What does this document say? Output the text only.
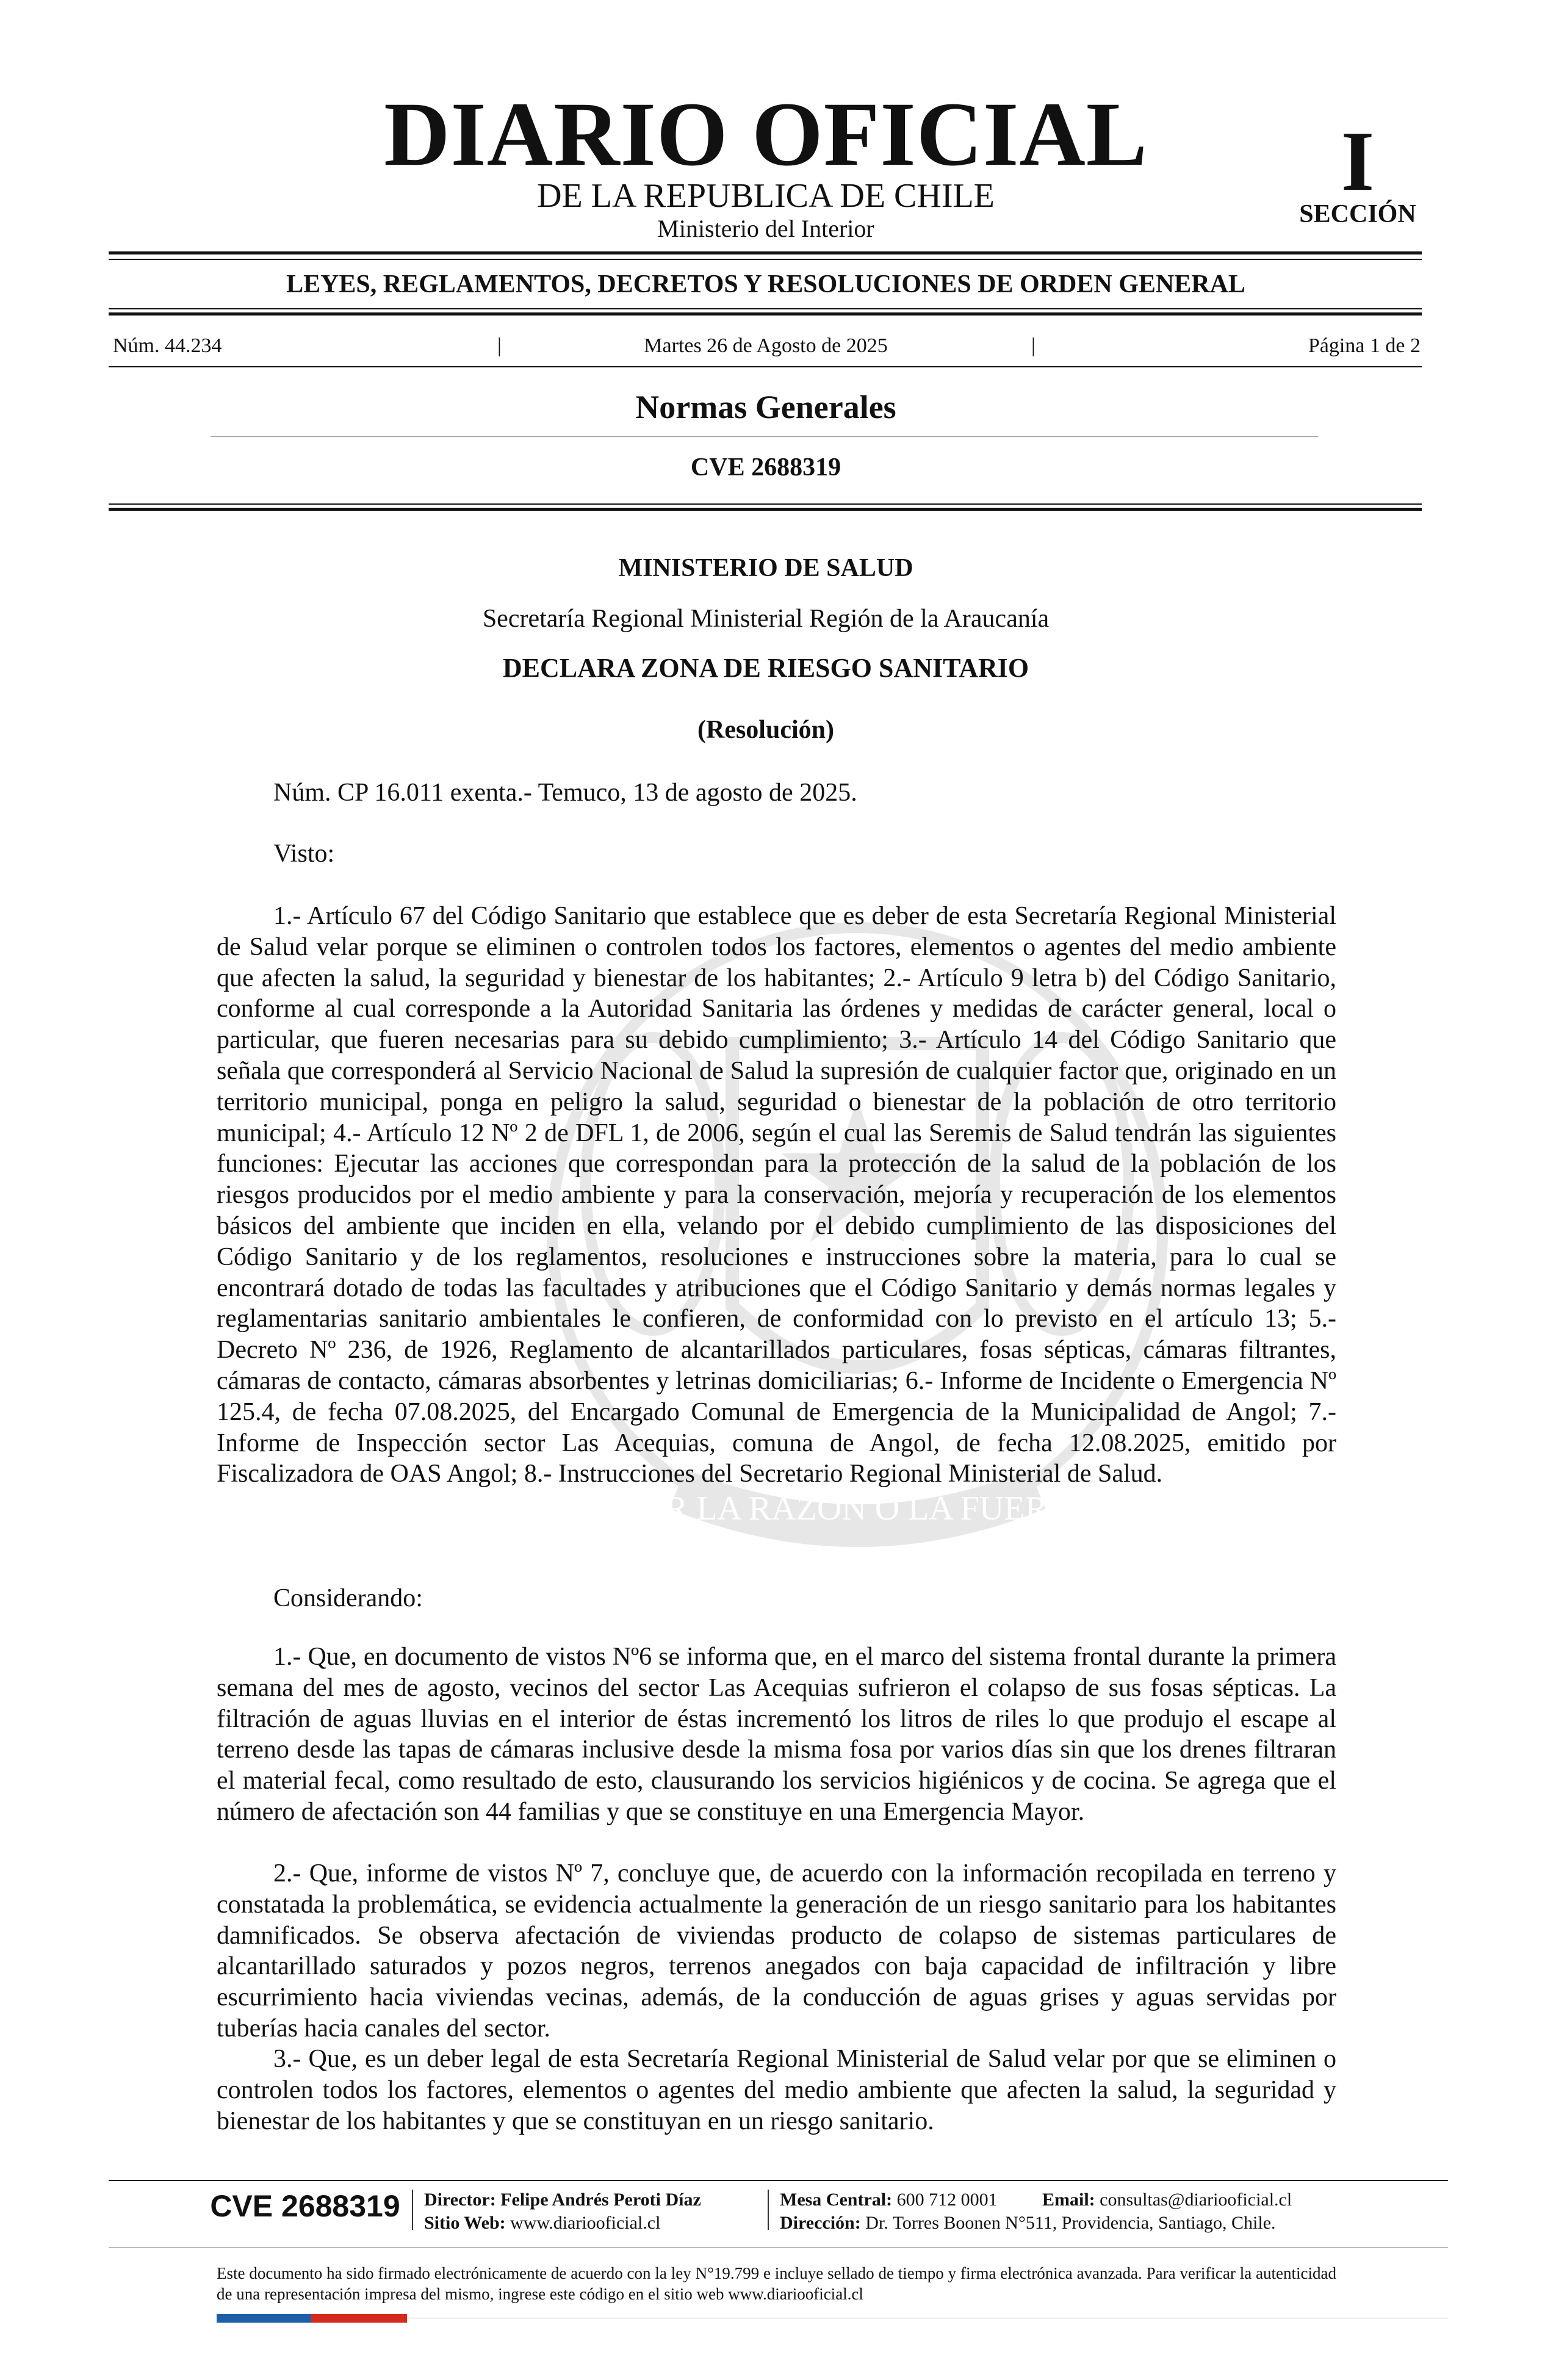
POR LA RAZON O LA FUERZA
DIARIO OFICIAL
DE LA REPUBLICA DE CHILE
Ministerio del Interior
I
SECCIÓN
LEYES, REGLAMENTOS, DECRETOS Y RESOLUCIONES DE ORDEN GENERAL
Núm. 44.234	|	Martes 26 de Agosto de 2025	|	Página 1 de 2
Normas Generales
CVE 2688319
MINISTERIO DE SALUD
Secretaría Regional Ministerial Región de la Araucanía
DECLARA ZONA DE RIESGO SANITARIO
(Resolución)
Núm. CP 16.011 exenta.- Temuco, 13 de agosto de 2025.
Visto:

1.- Artículo 67 del Código Sanitario que establece que es deber de esta Secretaría Regional Ministerial de Salud velar porque se eliminen o controlen todos los factores, elementos o agentes del medio ambiente que afecten la salud, la seguridad y bienestar de los habitantes; 2.- Artículo 9 letra b) del Código Sanitario, conforme al cual corresponde a la Autoridad Sanitaria las órdenes y medidas de carácter general, local o particular, que fueren necesarias para su debido cumplimiento; 3.- Artículo 14 del Código Sanitario que señala que corresponderá al Servicio Nacional de Salud la supresión de cualquier factor que, originado en un territorio municipal, ponga en peligro la salud, seguridad o bienestar de la población de otro territorio municipal; 4.- Artículo 12 Nº 2 de DFL 1, de 2006, según el cual las Seremis de Salud tendrán las siguientes funciones: Ejecutar las acciones que correspondan para la protección de la salud de la población de los riesgos producidos por el medio ambiente y para la conservación, mejoría y recuperación de los elementos básicos del ambiente que inciden en ella, velando por el debido cumplimiento de las disposiciones del Código Sanitario y de los reglamentos, resoluciones e instrucciones sobre la materia, para lo cual se encontrará dotado de todas las facultades y atribuciones que el Código Sanitario y demás normas legales y reglamentarias sanitario ambientales le confieren, de conformidad con lo previsto en el artículo 13; 5.- Decreto Nº 236, de 1926, Reglamento de alcantarillados particulares, fosas sépticas, cámaras filtrantes, cámaras de contacto, cámaras absorbentes y letrinas domiciliarias; 6.- Informe de Incidente o Emergencia Nº 125.4, de fecha 07.08.2025, del Encargado Comunal de Emergencia de la Municipalidad de Angol; 7.- Informe de Inspección sector Las Acequias, comuna de Angol, de fecha 12.08.2025, emitido por Fiscalizadora de OAS Angol; 8.- Instrucciones del Secretario Regional Ministerial de Salud.

Considerando:

1.- Que, en documento de vistos Nº6 se informa que, en el marco del sistema frontal durante la primera semana del mes de agosto, vecinos del sector Las Acequias sufrieron el colapso de sus fosas sépticas. La filtración de aguas lluvias en el interior de éstas incrementó los litros de riles lo que produjo el escape al terreno desde las tapas de cámaras inclusive desde la misma fosa por varios días sin que los drenes filtraran el material fecal, como resultado de esto, clausurando los servicios higiénicos y de cocina. Se agrega que el número de afectación son 44 familias y que se constituye en una Emergencia Mayor.

2.- Que, informe de vistos Nº 7, concluye que, de acuerdo con la información recopilada en terreno y constatada la problemática, se evidencia actualmente la generación de un riesgo sanitario para los habitantes damnificados. Se observa afectación de viviendas producto de colapso de sistemas particulares de alcantarillado saturados y pozos negros, terrenos anegados con baja capacidad de infiltración y libre escurrimiento hacia viviendas vecinas, además, de la conducción de aguas grises y aguas servidas por tuberías hacia canales del sector.

3.- Que, es un deber legal de esta Secretaría Regional Ministerial de Salud velar por que se eliminen o controlen todos los factores, elementos o agentes del medio ambiente que afecten la salud, la seguridad y bienestar de los habitantes y que se constituyan en un riesgo sanitario.

CVE 2688319	Director: Felipe Andrés Peroti Díaz
Sitio Web: www.diariooficial.cl
Mesa Central: 600 712 0001 Email: consultas@diariooficial.cl
Dirección: Dr. Torres Boonen N°511, Providencia, Santiago, Chile.

Este documento ha sido firmado electrónicamente de acuerdo con la ley N°19.799 e incluye sellado de tiempo y firma electrónica avanzada. Para verificar la autenticidad de una representación impresa del mismo, ingrese este código en el sitio web www.diariooficial.cl
